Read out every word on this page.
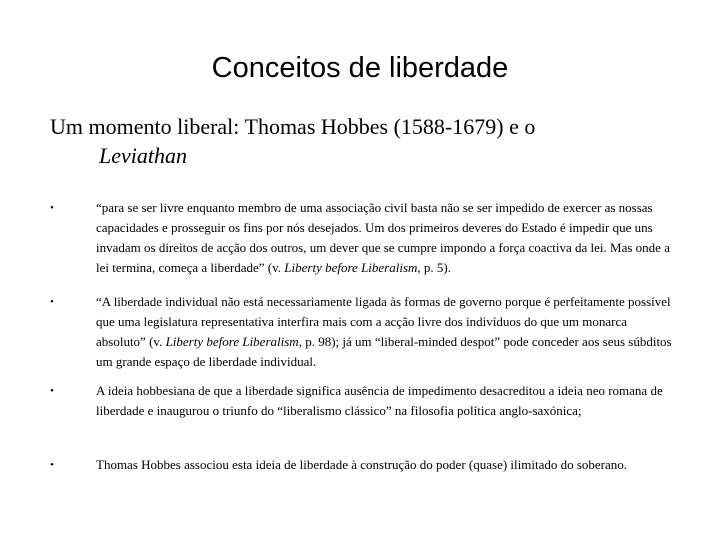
Conceitos de liberdade
Um momento liberal: Thomas Hobbes (1588-1679) e o
Leviathan
•	“para se ser livre enquanto membro de uma associação civil basta não se ser impedido de exercer as nossas capacidades e prosseguir os fins por nós desejados. Um dos primeiros deveres do Estado é impedir que uns invadam os direitos de acção dos outros, um dever que se cumpre impondo a força coactiva da lei. Mas onde a lei termina, começa a liberdade” (v. Liberty before Liberalism, p. 5).
•	“A liberdade individual não está necessariamente ligada às formas de governo porque é perfeitamente possível que uma legislatura representativa interfira mais com a acção livre dos indivíduos do que um monarca absoluto” (v. Liberty before Liberalism, p. 98); já um “liberal-minded despot” pode conceder aos seus súbditos um grande espaço de liberdade individual.
•	A ideia hobbesiana de que a liberdade significa ausência de impedimento desacreditou a ideia neo romana de liberdade e inaugurou o triunfo do “liberalismo clássico” na filosofia política anglo-saxónica;
•	Thomas Hobbes associou esta ideia de liberdade à construção do poder (quase) ilimitado do soberano.
